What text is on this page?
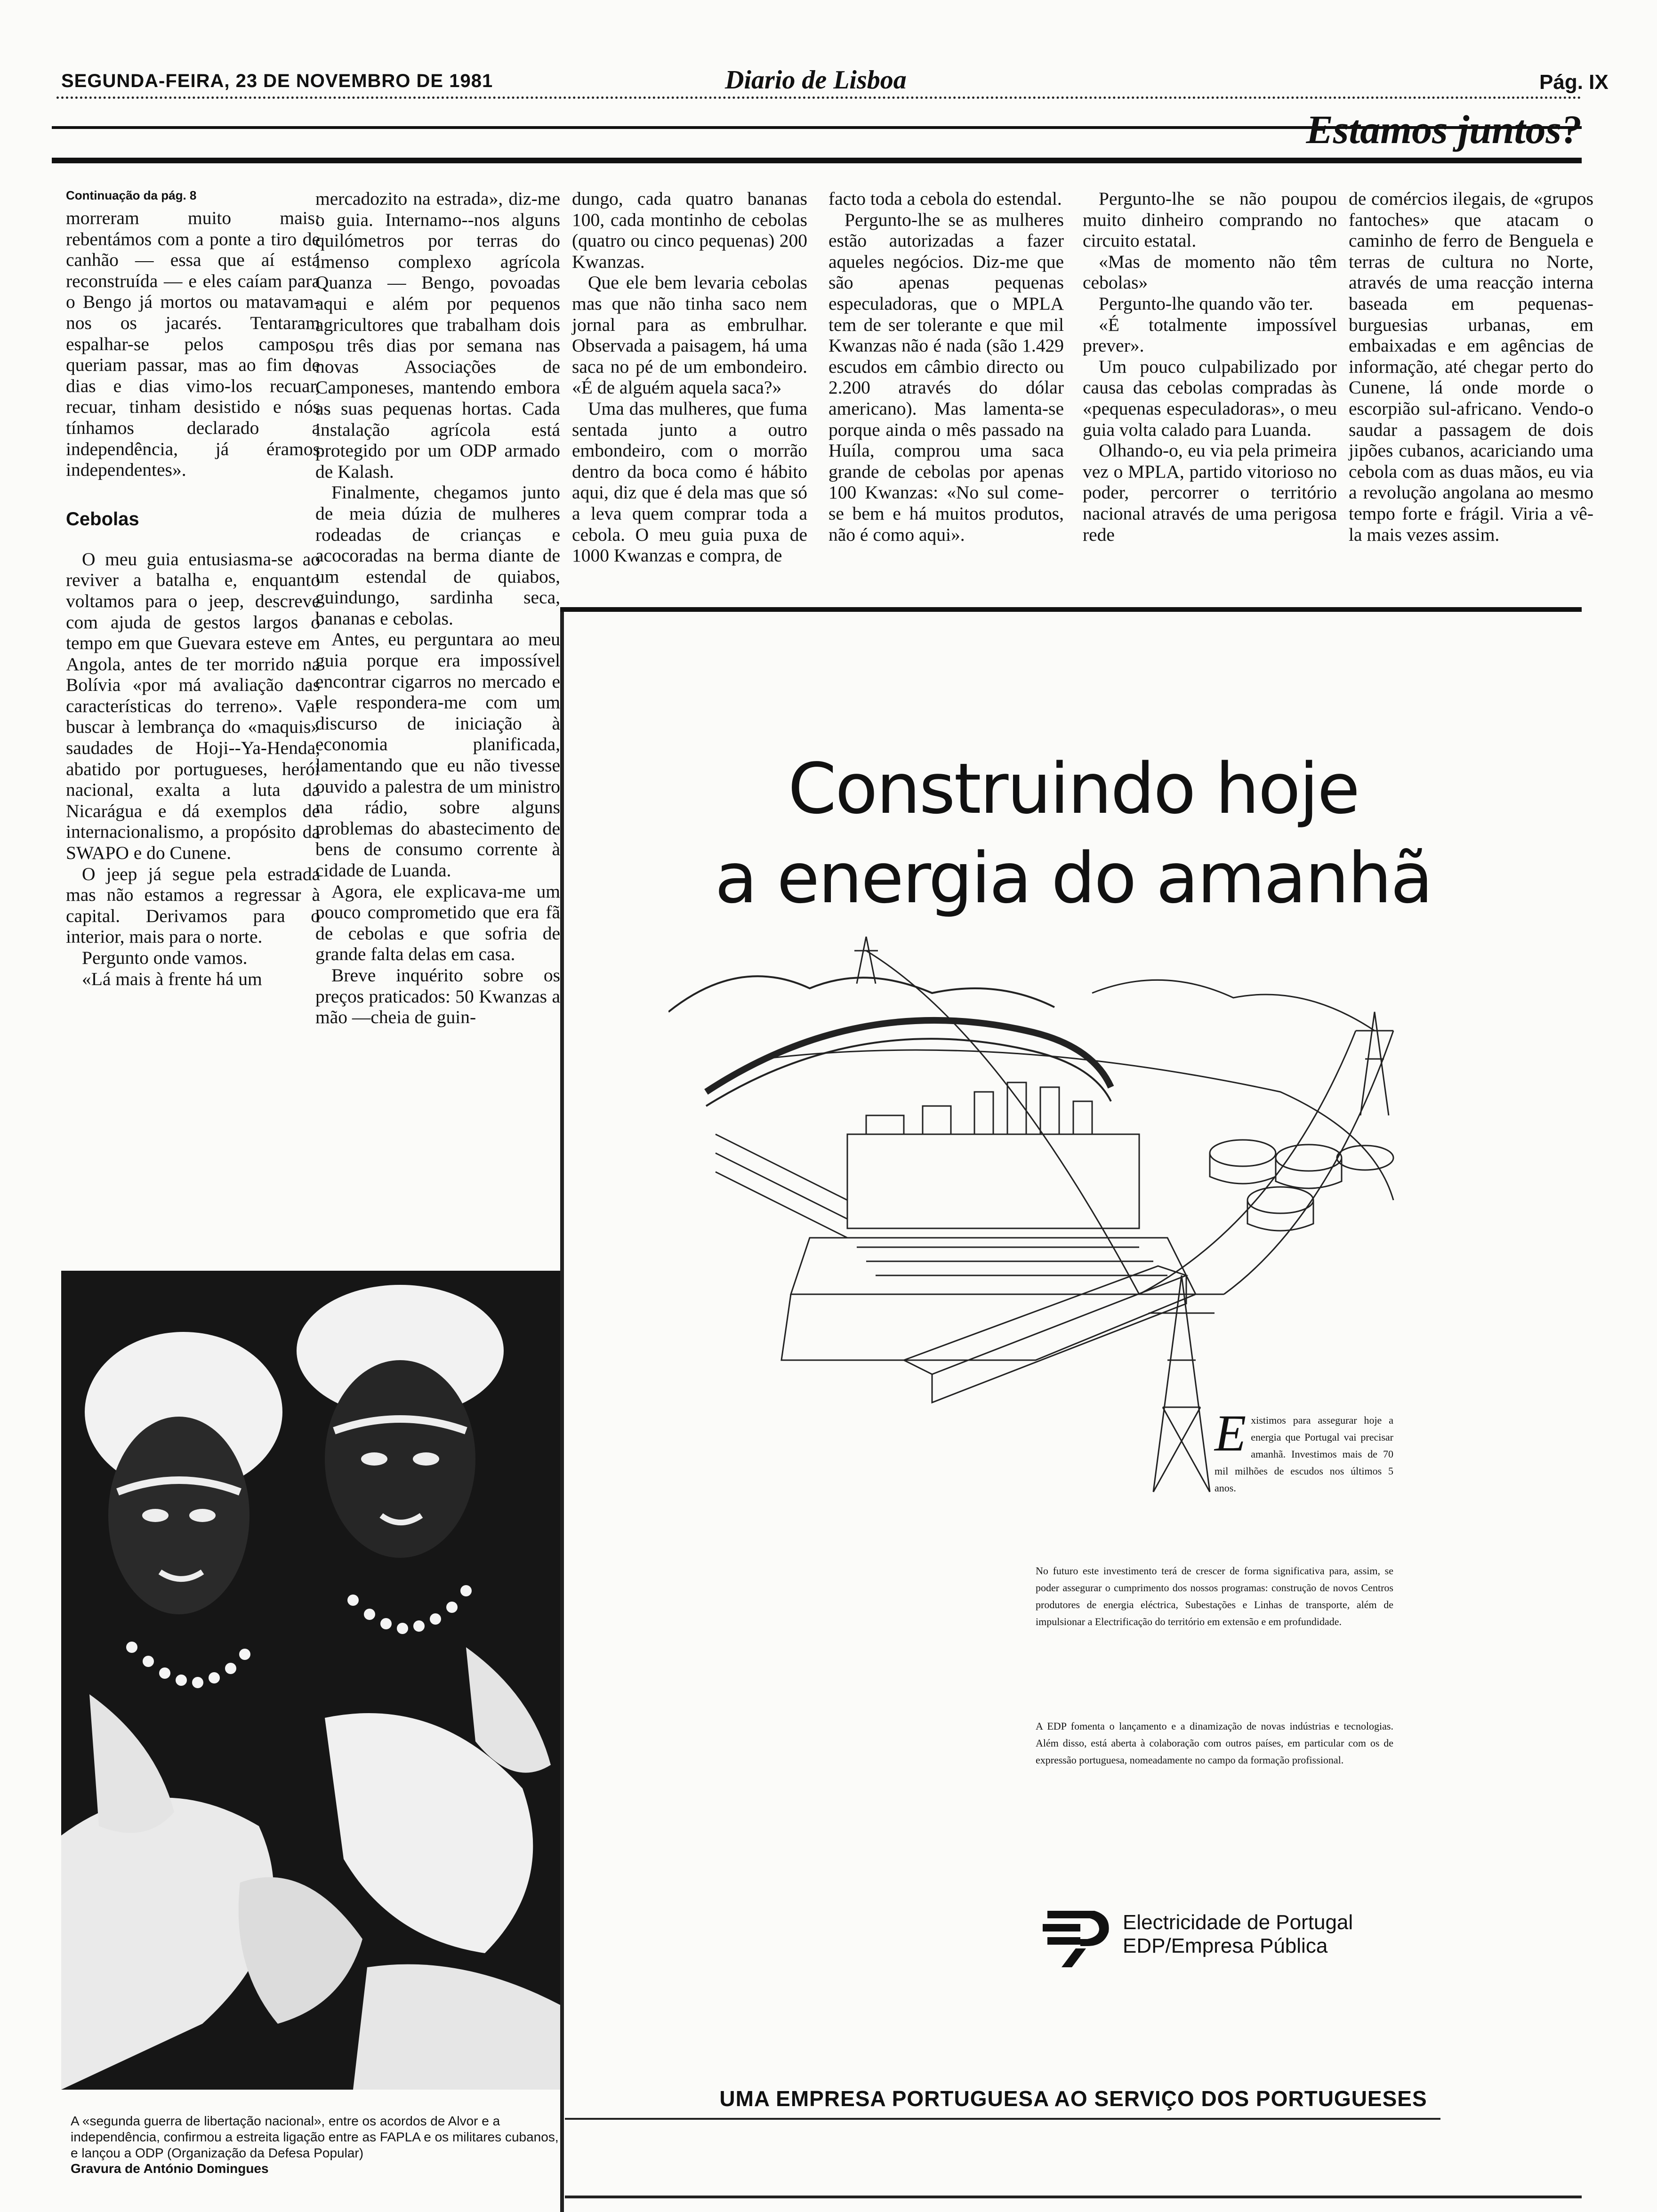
SEGUNDA-FEIRA, 23 DE NOVEMBRO DE 1981	Diario de Lisboa	Pág. IX
Estamos juntos?
Continuação da pág. 8

morreram muito mais: rebentámos com a ponte a tiro de canhão — essa que aí está reconstruída — e eles caíam para o Bengo já mortos ou matavam-nos os jacarés. Tentaram espalhar-se pelos campos, queriam passar, mas ao fim de dias e dias vimo-los recuar, recuar, tinham desistido e nós tínhamos declarado a independência, já éramos independentes».

Cebolas

O meu guia entusiasma-se ao reviver a batalha e, enquanto voltamos para o jeep, descreve com ajuda de gestos largos o tempo em que Guevara esteve em Angola, antes de ter morrido na Bolívia «por má avaliação das características do terreno». Vai buscar à lembrança do «maquis» saudades de Hoji--Ya-Henda, abatido por portugueses, herói nacional, exalta a luta da Nicarágua e dá exemplos de internacionalismo, a propósito da SWAPO e do Cunene.

O jeep já segue pela estrada mas não estamos a regressar à capital. Derivamos para o interior, mais para o norte.

Pergunto onde vamos.

«Lá mais à frente há um

mercadozito na estrada», diz-me o guia. Internamo--nos alguns quilómetros por terras do imenso complexo agrícola Quanza — Bengo, povoadas aqui e além por pequenos agricultores que trabalham dois ou três dias por semana nas novas Associações de Camponeses, mantendo embora as suas pequenas hortas. Cada instalação agrícola está protegido por um ODP armado de Kalash.

Finalmente, chegamos junto de meia dúzia de mulheres rodeadas de crianças e acocoradas na berma diante de um estendal de quiabos, guindungo, sardinha seca, bananas e cebolas.

Antes, eu perguntara ao meu guia porque era impossível encontrar cigarros no mercado e ele respondera-me com um discurso de iniciação à economia planificada, lamentando que eu não tivesse ouvido a palestra de um ministro na rádio, sobre alguns problemas do abastecimento de bens de consumo corrente à cidade de Luanda.

Agora, ele explicava-me um pouco comprometido que era fã de cebolas e que sofria de grande falta delas em casa.

Breve inquérito sobre os preços praticados: 50 Kwanzas a mão —cheia de guin-

dungo, cada quatro bananas 100, cada montinho de cebolas (quatro ou cinco pequenas) 200 Kwanzas.

Que ele bem levaria cebolas mas que não tinha saco nem jornal para as embrulhar. Observada a paisagem, há uma saca no pé de um embondeiro. «É de alguém aquela saca?»

Uma das mulheres, que fuma sentada junto a outro embondeiro, com o morrão dentro da boca como é hábito aqui, diz que é dela mas que só a leva quem comprar toda a cebola. O meu guia puxa de 1000 Kwanzas e compra, de

facto toda a cebola do estendal.

Pergunto-lhe se as mulheres estão autorizadas a fazer aqueles negócios. Diz-me que são apenas pequenas especuladoras, que o MPLA tem de ser tolerante e que mil Kwanzas não é nada (são 1.429 escudos em câmbio directo ou 2.200 através do dólar americano). Mas lamenta-se porque ainda o mês passado na Huíla, comprou uma saca grande de cebolas por apenas 100 Kwanzas: «No sul come-se bem e há muitos produtos, não é como aqui».

Pergunto-lhe se não poupou muito dinheiro comprando no circuito estatal.

«Mas de momento não têm cebolas»

Pergunto-lhe quando vão ter.

«É totalmente impossível prever».

Um pouco culpabilizado por causa das cebolas compradas às «pequenas especuladoras», o meu guia volta calado para Luanda.

Olhando-o, eu via pela primeira vez o MPLA, partido vitorioso no poder, percorrer o território nacional através de uma perigosa rede

de comércios ilegais, de «grupos fantoches» que atacam o caminho de ferro de Benguela e terras de cultura no Norte, através de uma reacção interna baseada em pequenas-burguesias urbanas, em embaixadas e em agências de informação, até chegar perto do Cunene, lá onde morde o escorpião sul-africano. Vendo-o saudar a passagem de dois jipões cubanos, acariciando uma cebola com as duas mãos, eu via a revolução angolana ao mesmo tempo forte e frágil. Viria a vê-la mais vezes assim.

A «segunda guerra de libertação nacional», entre os acordos de Alvor e a independência, confirmou a estreita ligação entre as FAPLA e os militares cubanos, e lançou a ODP (Organização da Defesa Popular)
Gravura de António Domingues
Construindo hoje
a energia do amanhã
E xistimos para assegurar hoje a energia que Portugal vai precisar amanhã. Investimos mais de 70 mil milhões de escudos nos últimos 5 anos.
No futuro este investimento terá de crescer de forma significativa para, assim, se poder assegurar o cumprimento dos nossos programas: construção de novos Centros produtores de energia eléctrica, Subestações e Linhas de transporte, além de impulsionar a Electrificação do território em extensão e em profundidade.
A EDP fomenta o lançamento e a dinamização de novas indústrias e tecnologias. Além disso, está aberta à colaboração com outros países, em particular com os de expressão portuguesa, nomeadamente no campo da formação profissional.
Electricidade de Portugal
EDP/Empresa Pública
UMA EMPRESA PORTUGUESA AO SERVIÇO DOS PORTUGUESES
